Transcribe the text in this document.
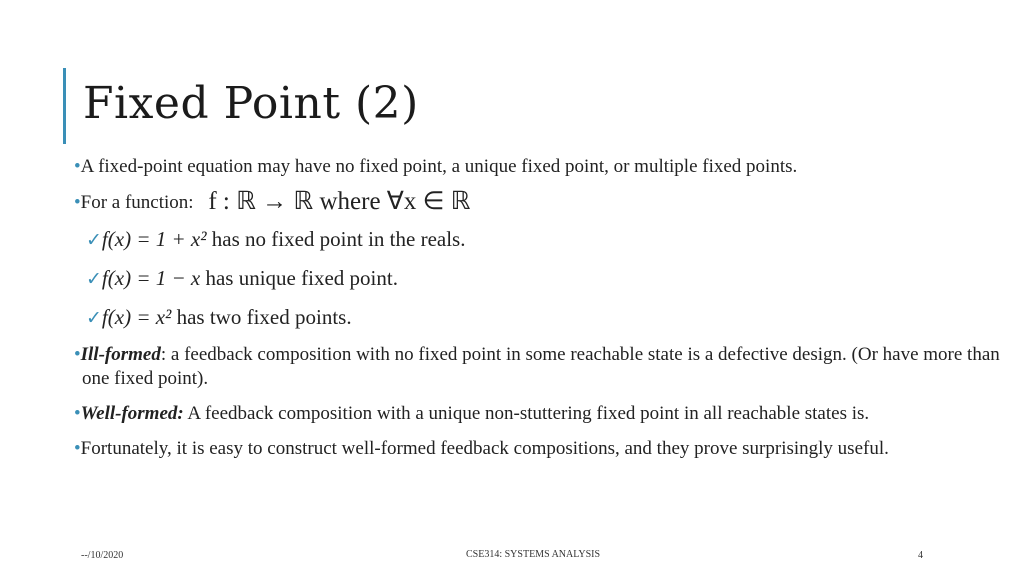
Fixed Point (2)
•A fixed-point equation may have no fixed point, a unique fixed point, or multiple fixed points.
•For a function: f : ℝ → ℝ where ∀x ∈ ℝ
✓f(x) = 1 + x² has no fixed point in the reals.
✓f(x) = 1 − x has unique fixed point.
✓f(x) = x² has two fixed points.
•Ill-formed: a feedback composition with no fixed point in some reachable state is a defective design. (Or have more than one fixed point).
•Well-formed: A feedback composition with a unique non-stuttering fixed point in all reachable states is.
•Fortunately, it is easy to construct well-formed feedback compositions, and they prove surprisingly useful.
--/10/2020	CSE314: SYSTEMS ANALYSIS	4
